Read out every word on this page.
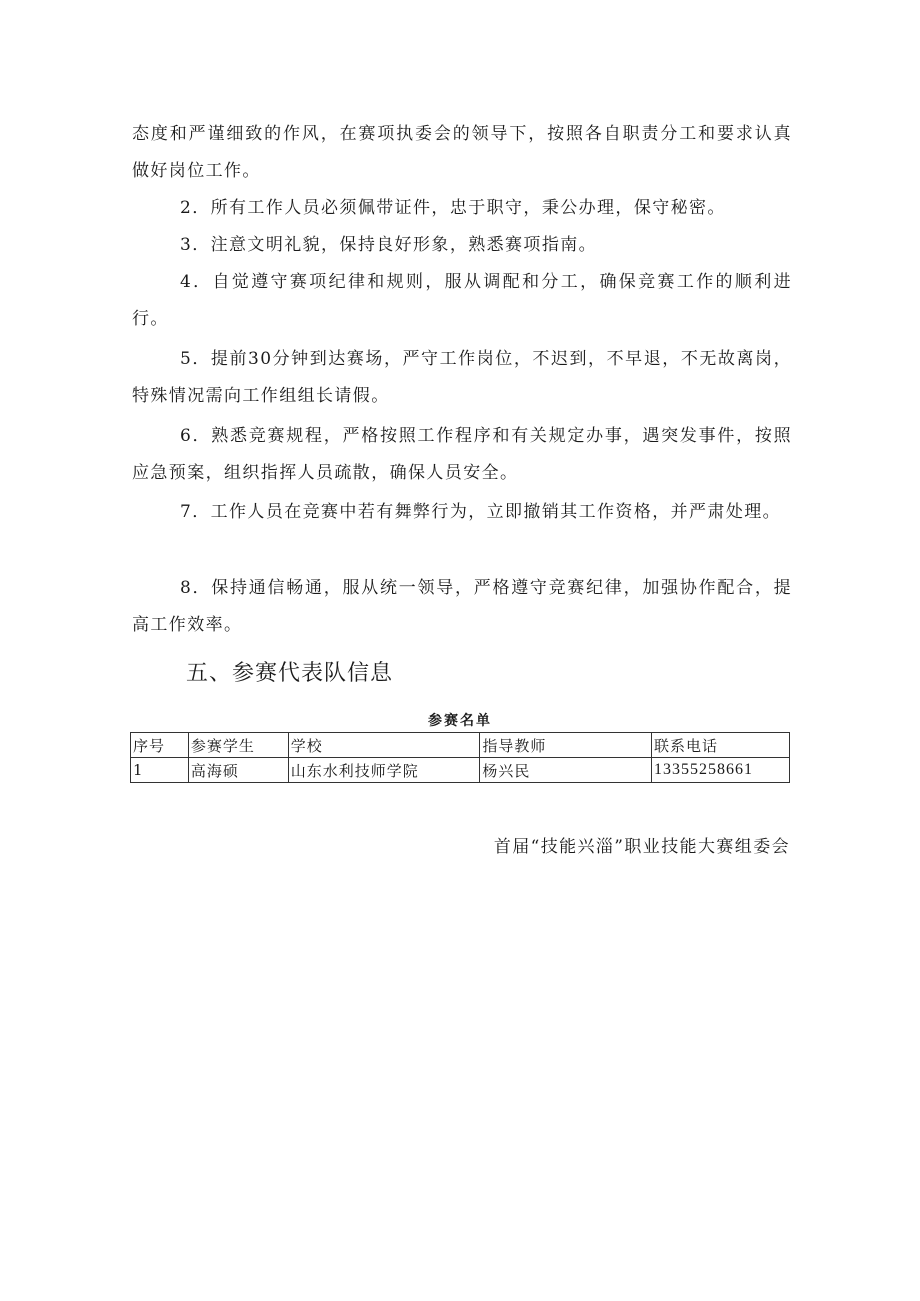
态度和严谨细致的作风，在赛项执委会的领导下，按照各自职责分工和要求认真做好岗位工作。

2．所有工作人员必须佩带证件，忠于职守，秉公办理，保守秘密。

3．注意文明礼貌，保持良好形象，熟悉赛项指南。

4．自觉遵守赛项纪律和规则，服从调配和分工，确保竞赛工作的顺利进行。

5．提前30分钟到达赛场，严守工作岗位，不迟到，不早退，不无故离岗，特殊情况需向工作组组长请假。

6．熟悉竞赛规程，严格按照工作程序和有关规定办事，遇突发事件，按照应急预案，组织指挥人员疏散，确保人员安全。

7．工作人员在竞赛中若有舞弊行为，立即撤销其工作资格，并严肃处理。

8．保持通信畅通，服从统一领导，严格遵守竞赛纪律，加强协作配合，提高工作效率。

五、参赛代表队信息
参赛名单
序号	参赛学生	学校	指导教师	联系电话
1	高海硕	山东水利技师学院	杨兴民	13355258661
首届“技能兴淄”职业技能大赛组委会
